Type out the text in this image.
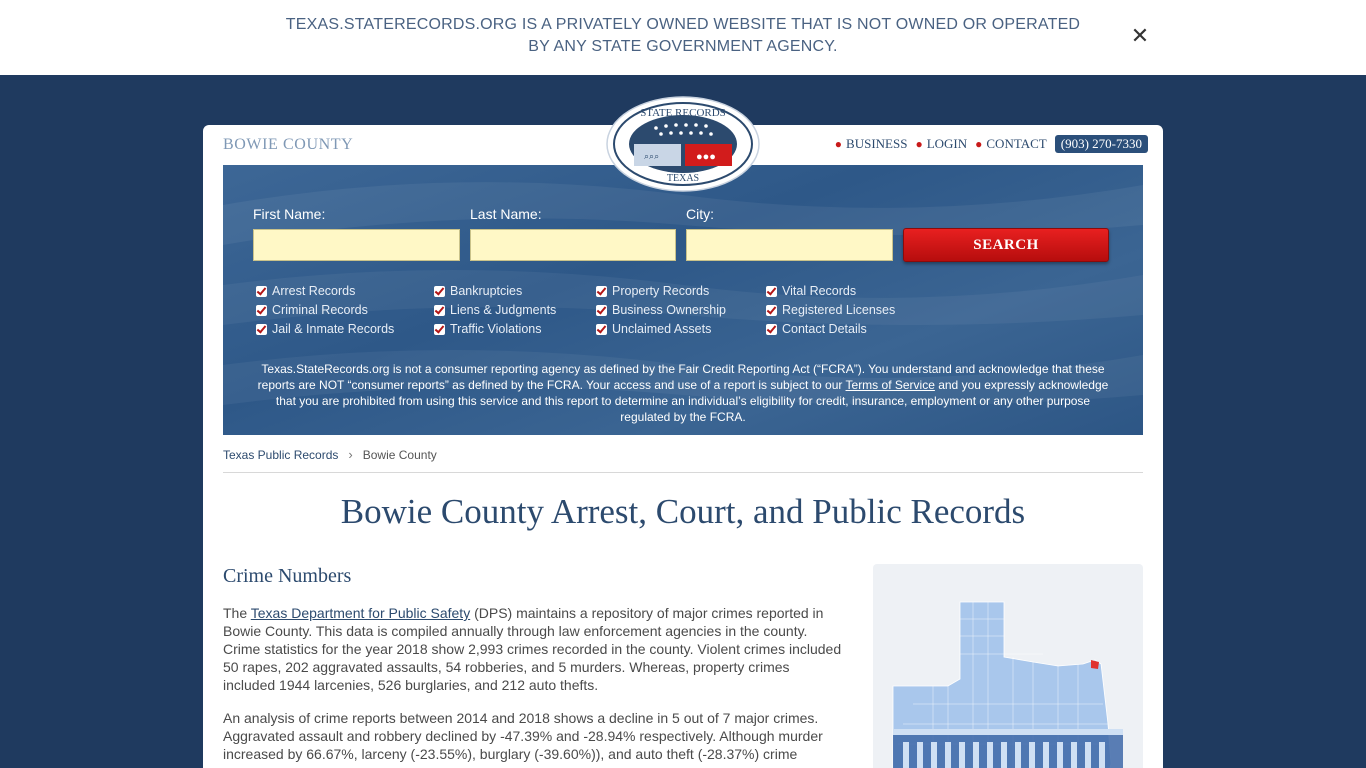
TEXAS.STATERECORDS.ORG IS A PRIVATELY OWNED WEBSITE THAT IS NOT OWNED OR OPERATED BY ANY STATE GOVERNMENT AGENCY.	✕
BOWIE COUNTY	● BUSINESS ● LOGIN ● CONTACT	(903) 270-7330
First Name:	Last Name:	City:
SEARCH
Arrest Records
Criminal Records
Jail & Inmate Records
Bankruptcies
Liens & Judgments
Traffic Violations
Property Records
Business Ownership
Unclaimed Assets
Vital Records
Registered Licenses
Contact Details
Texas.StateRecords.org is not a consumer reporting agency as defined by the Fair Credit Reporting Act (“FCRA”). You understand and acknowledge that these reports are NOT “consumer reports” as defined by the FCRA. Your access and use of a report is subject to our Terms of Service and you expressly acknowledge that you are prohibited from using this service and this report to determine an individual’s eligibility for credit, insurance, employment or any other purpose regulated by the FCRA.
Texas Public Records › Bowie County
Bowie County Arrest, Court, and Public Records
Crime Numbers
The Texas Department for Public Safety (DPS) maintains a repository of major crimes reported in Bowie County. This data is compiled annually through law enforcement agencies in the county. Crime statistics for the year 2018 show 2,993 crimes recorded in the county. Violent crimes included 50 rapes, 202 aggravated assaults, 54 robberies, and 5 murders. Whereas, property crimes included 1944 larcenies, 526 burglaries, and 212 auto thefts.
An analysis of crime reports between 2014 and 2018 shows a decline in 5 out of 7 major crimes. Aggravated assault and robbery declined by -47.39% and -28.94% respectively. Although murder increased by 66.67%, larceny (-23.55%), burglary (-39.60%)), and auto theft (-28.37%) crime
⌕⌕⌕	●●●
STATE RECORDS
TEXAS
